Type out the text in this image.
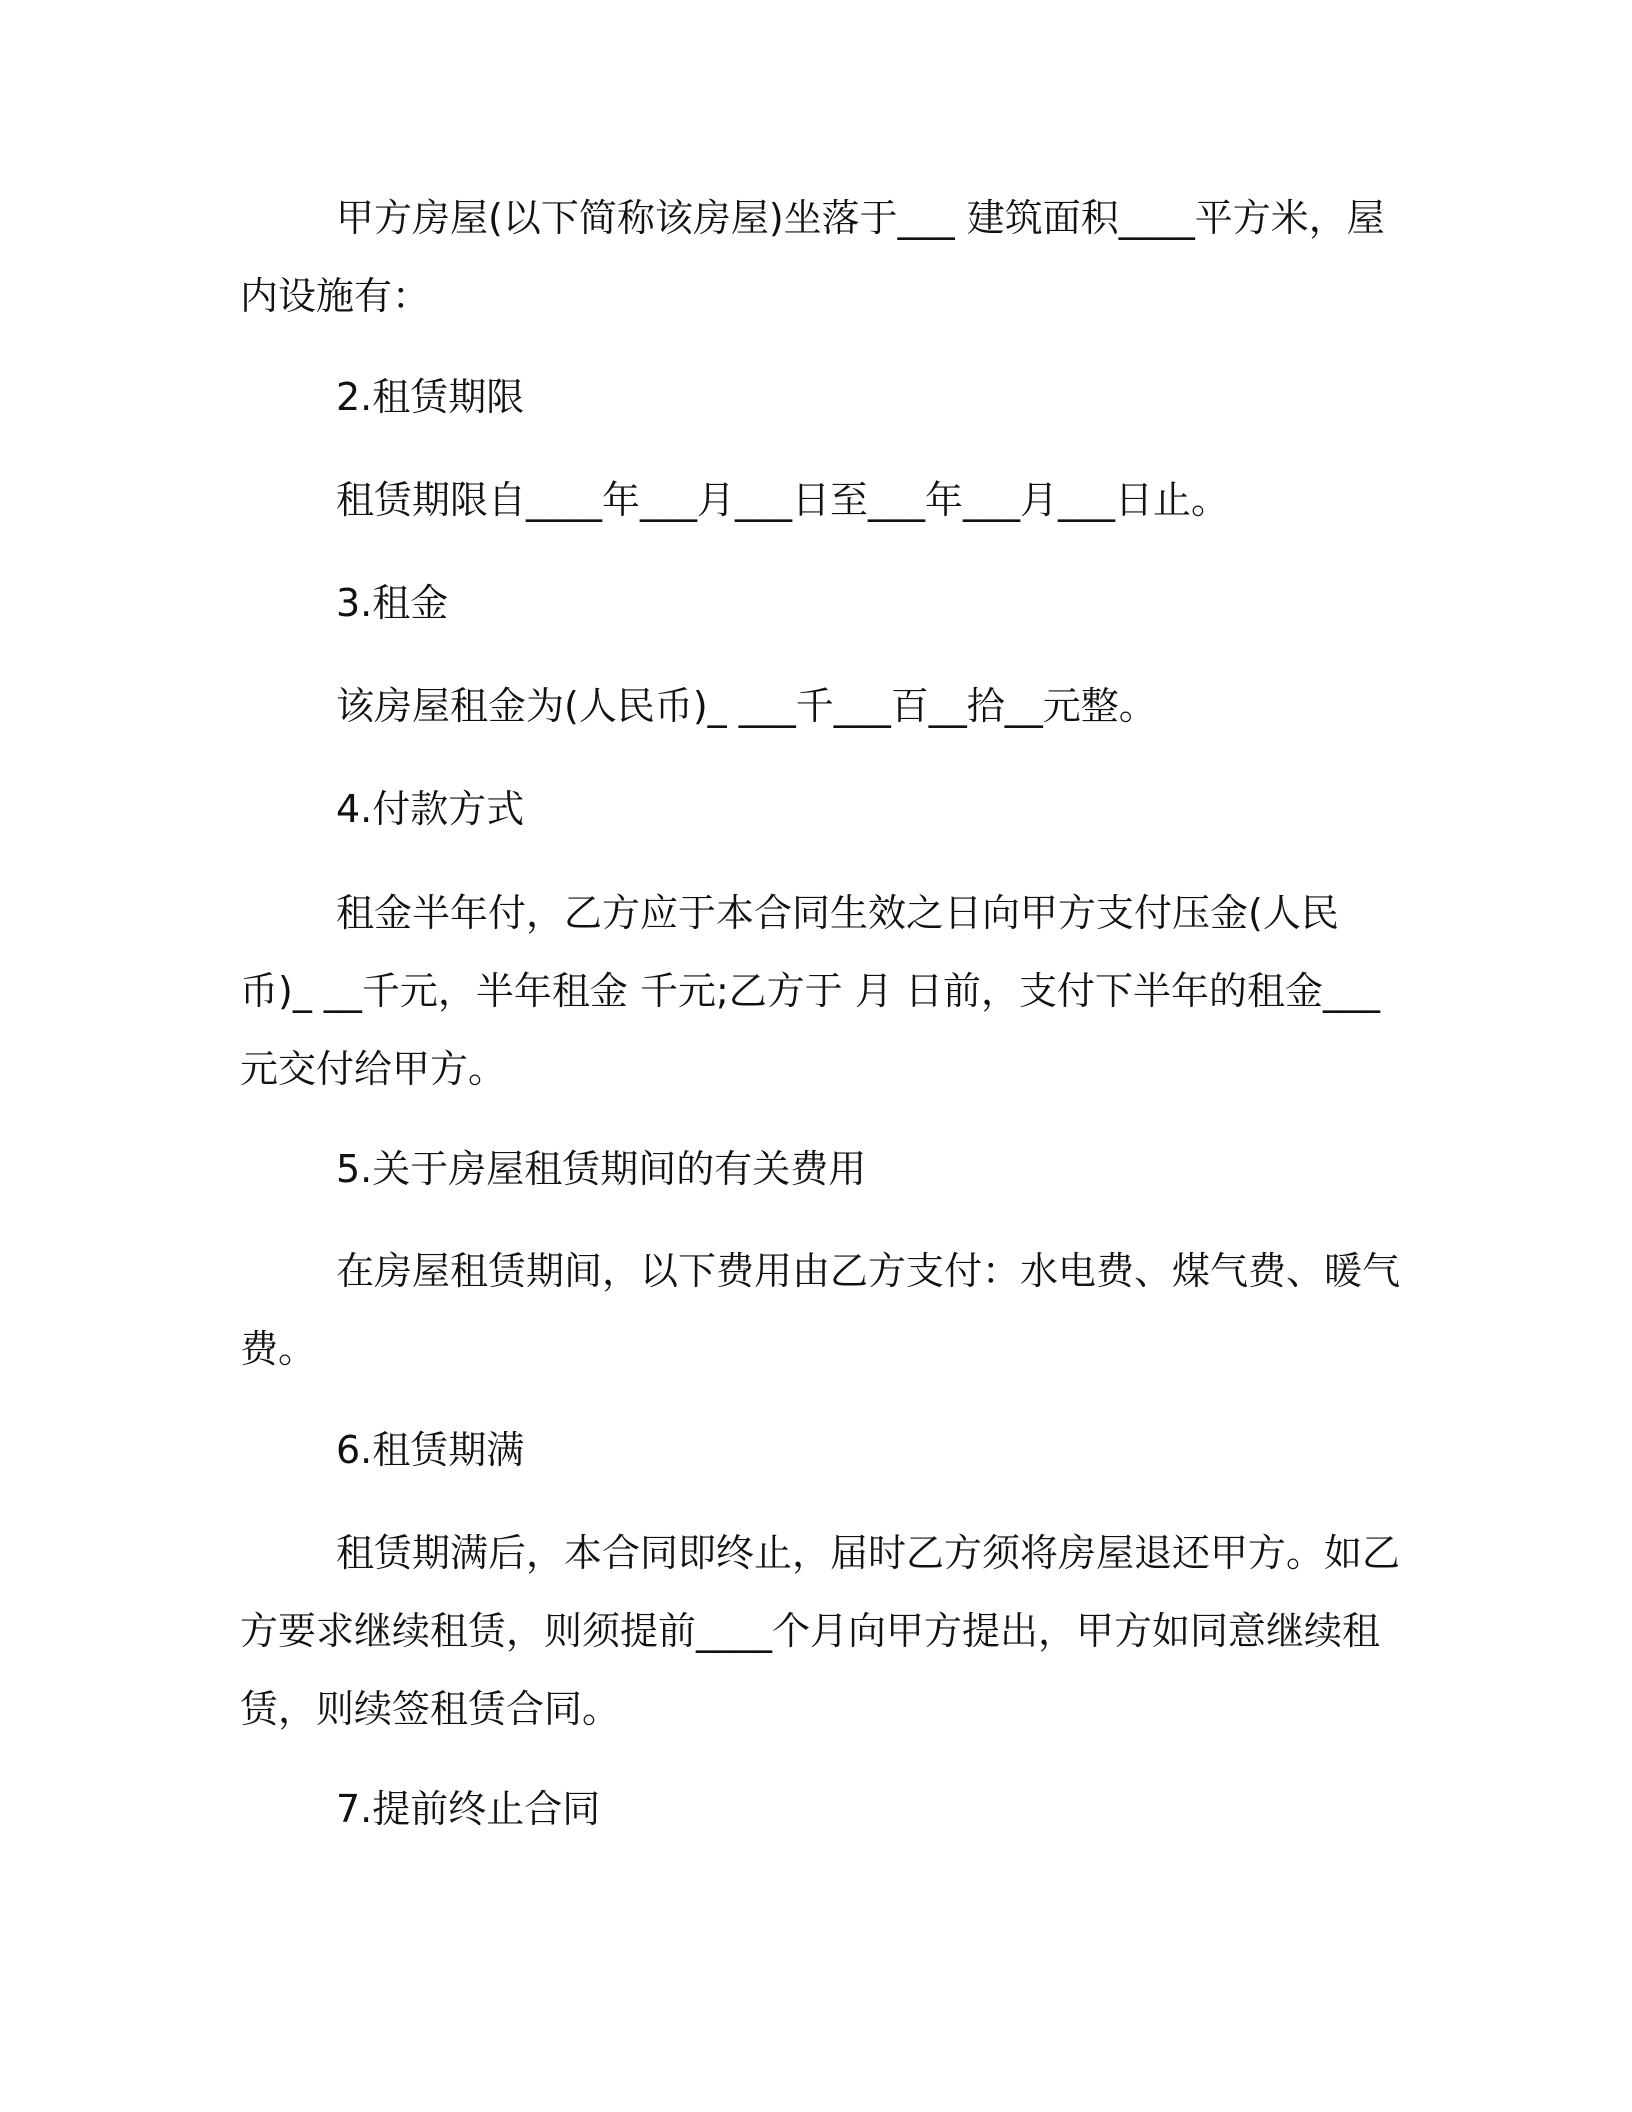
甲方房屋(以下简称该房屋)坐落于___ 建筑面积____平方米，屋
内设施有：

2.租赁期限

租赁期限自____年___月___日至___年___月___日止。

3.租金

该房屋租金为(人民币)_ ___千___百__拾__元整。

4.付款方式

租金半年付，乙方应于本合同生效之日向甲方支付压金(人民
币)_ __千元，半年租金 千元;乙方于 月 日前，支付下半年的租金___
元交付给甲方。

5.关于房屋租赁期间的有关费用

在房屋租赁期间，以下费用由乙方支付：水电费、煤气费、暖气
费。

6.租赁期满

租赁期满后，本合同即终止，届时乙方须将房屋退还甲方。如乙
方要求继续租赁，则须提前____个月向甲方提出，甲方如同意继续租
赁，则续签租赁合同。

7.提前终止合同
